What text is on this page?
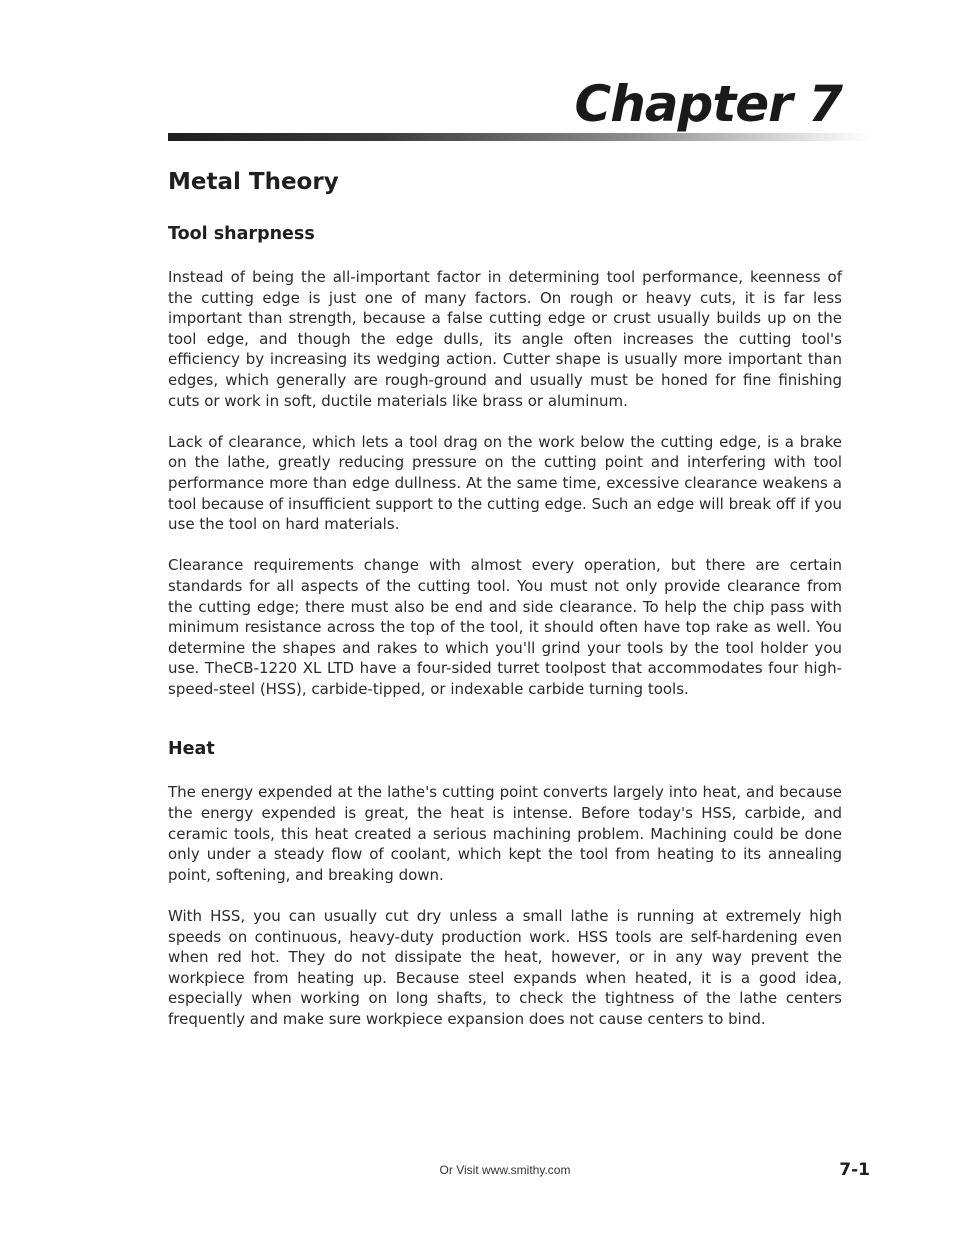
Chapter 7
Metal Theory
Tool sharpness

Instead of being the all-important factor in determining tool performance, keenness of the cutting edge is just one of many factors. On rough or heavy cuts, it is far less important than strength, because a false cutting edge or crust usually builds up on the tool edge, and though the edge dulls, its angle often increases the cutting tool's efficiency by increasing its wedging action. Cutter shape is usually more important than edges, which generally are rough-ground and usually must be honed for fine finishing cuts or work in soft, ductile materials like brass or aluminum.

Lack of clearance, which lets a tool drag on the work below the cutting edge, is a brake on the lathe, greatly reducing pressure on the cutting point and interfering with tool performance more than edge dullness. At the same time, excessive clearance weakens a tool because of insufficient support to the cutting edge. Such an edge will break off if you use the tool on hard materials.

Clearance requirements change with almost every operation, but there are certain standards for all aspects of the cutting tool. You must not only provide clearance from the cutting edge; there must also be end and side clearance. To help the chip pass with minimum resistance across the top of the tool, it should often have top rake as well. You determine the shapes and rakes to which you'll grind your tools by the tool holder you use. TheCB-1220 XL LTD have a four-sided turret toolpost that accommodates four high-speed-steel (HSS), carbide-tipped, or indexable carbide turning tools.

Heat

The energy expended at the lathe's cutting point converts largely into heat, and because the energy expended is great, the heat is intense. Before today's HSS, carbide, and ceramic tools, this heat created a serious machining problem. Machining could be done only under a steady flow of coolant, which kept the tool from heating to its annealing point, softening, and breaking down.

With HSS, you can usually cut dry unless a small lathe is running at extremely high speeds on continuous, heavy-duty production work. HSS tools are self-hardening even when red hot. They do not dissipate the heat, however, or in any way prevent the workpiece from heating up. Because steel expands when heated, it is a good idea, especially when working on long shafts, to check the tightness of the lathe centers frequently and make sure workpiece expansion does not cause centers to bind.

Or Visit www.smithy.com	7-1
